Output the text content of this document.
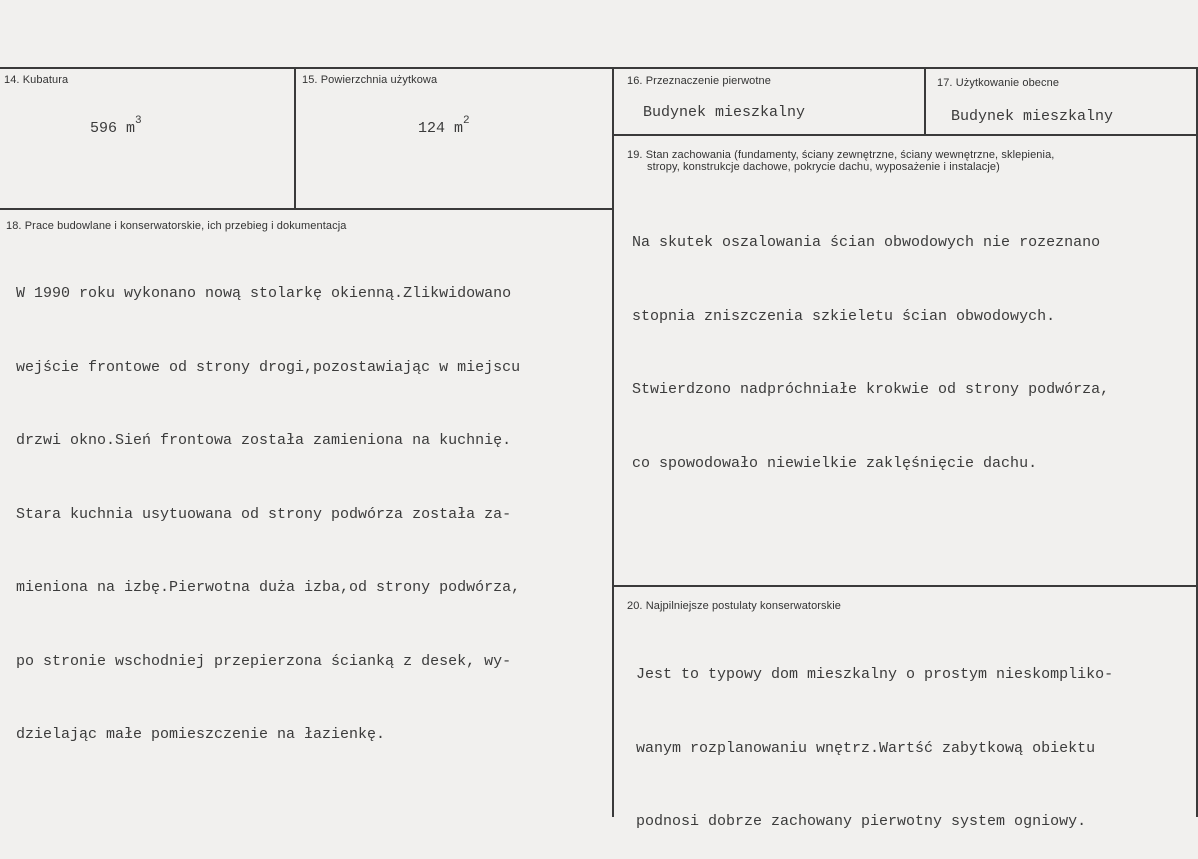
14. Kubatura
596 $m^3$
15. Powierzchnia użytkowa
124 $m^2$
16. Przeznaczenie pierwotne
Budynek mieszkalny
17. Użytkowanie obecne
Budynek mieszkalny
18. Prace budowlane i konserwatorskie, ich przebieg i dokumentacja

W 1990 roku wykonano nową stolarkę okienną.Zlikwidowano

wejście frontowe od strony drogi,pozostawiając w miejscu

drzwi okno.Sień frontowa została zamieniona na kuchnię.

Stara kuchnia usytuowana od strony podwórza została za-

mieniona na izbę.Pierwotna duża izba,od strony podwórza,

po stronie wschodniej przepierzona ścianką z desek, wy-

dzielając małe pomieszczenie na łazienkę.

19. Stan zachowania (fundamenty, ściany zewnętrzne, ściany wewnętrzne, sklepienia,
stropy, konstrukcje dachowe, pokrycie dachu, wyposażenie i instalacje)

Na skutek oszalowania ścian obwodowych nie rozeznano

stopnia zniszczenia szkieletu ścian obwodowych.

Stwierdzono nadpróchniałe krokwie od strony podwórza,

co spowodowało niewielkie zaklęśnięcie dachu.

20. Najpilniejsze postulaty konserwatorskie

Jest to typowy dom mieszkalny o prostym nieskompliko-

wanym rozplanowaniu wnętrz.Wartść zabytkową obiektu

podnosi dobrze zachowany pierwotny system ogniowy.
